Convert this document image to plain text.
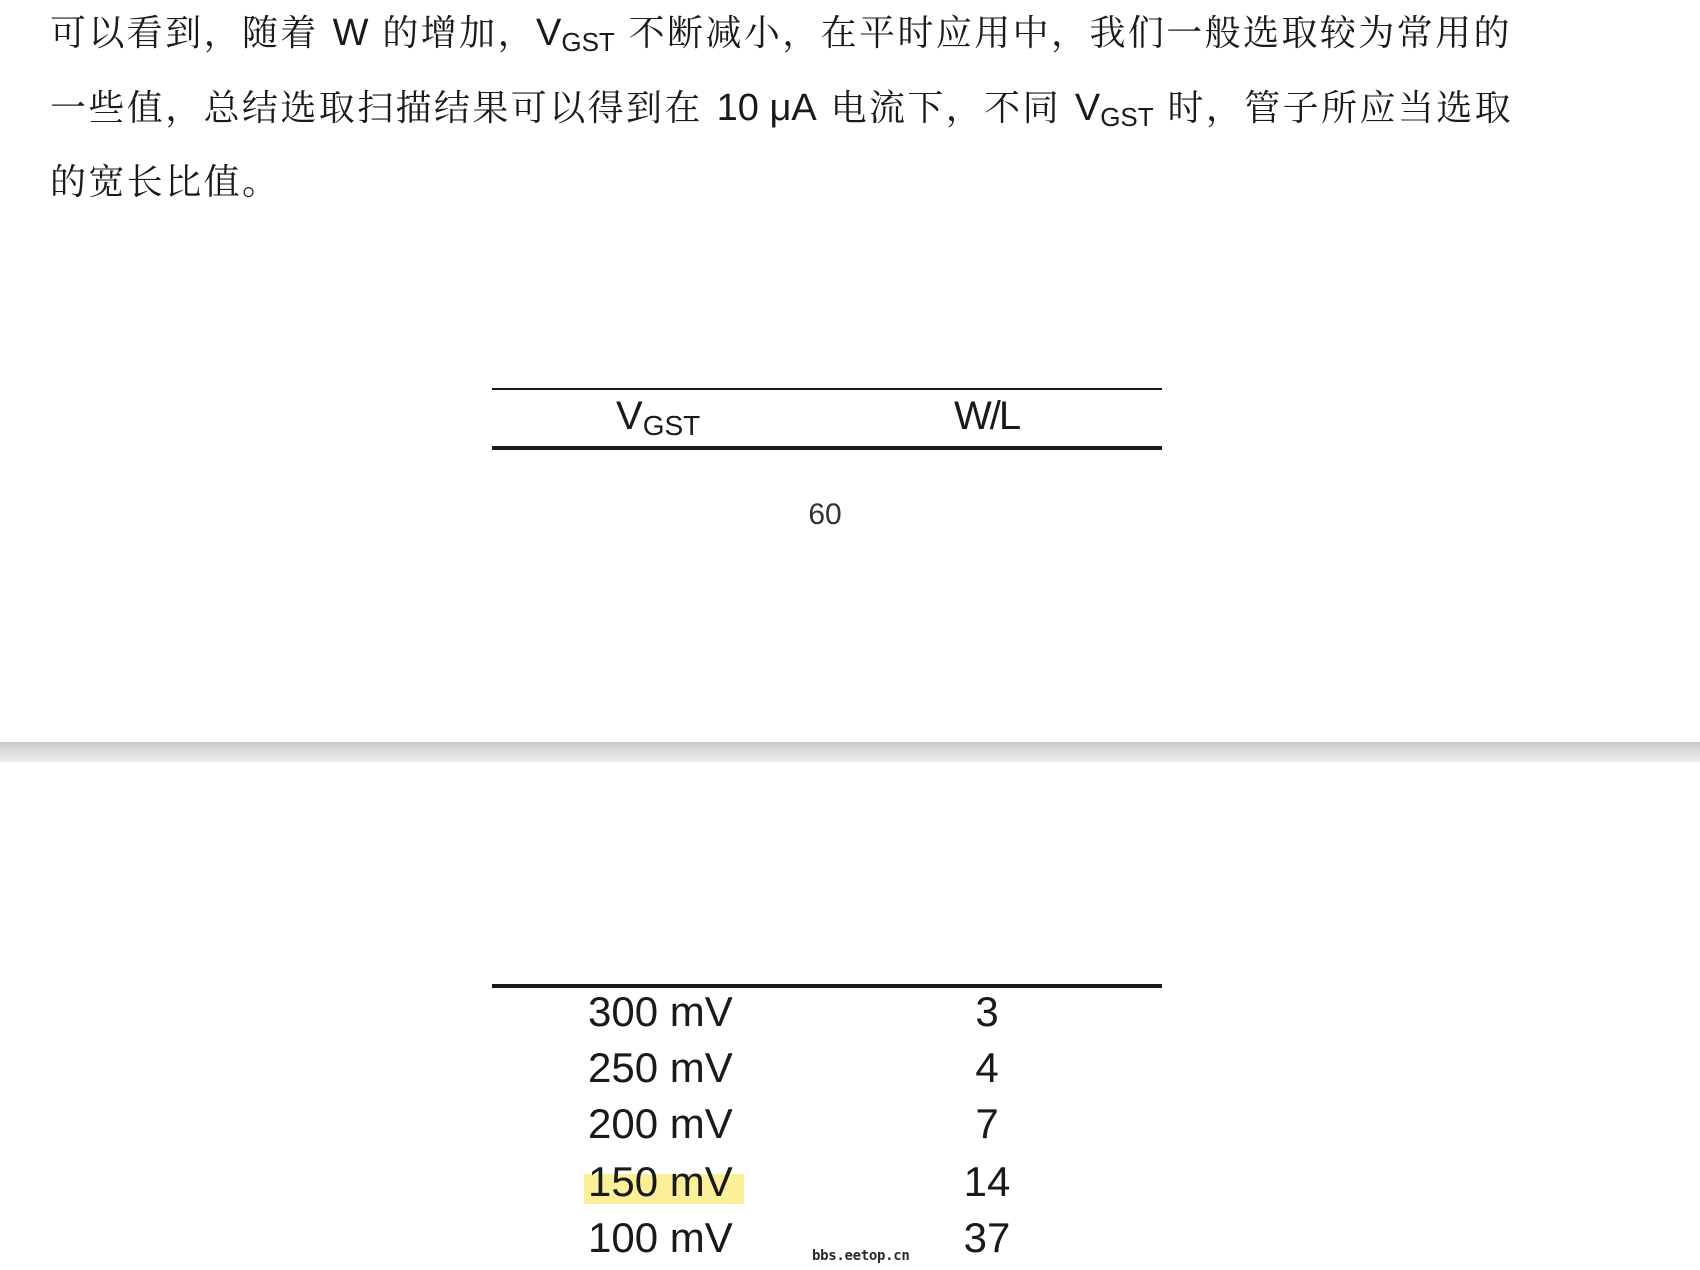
可以看到，随着 W 的增加，$V_{GST}$ 不断减小，在平时应用中，我们一般选取较为常用的
一些值，总结选取扫描结果可以得到在 10 μA 电流下，不同 $V_{GST}$ 时，管子所应当选取
的宽长比值。

$V_{GST}$	W/L
60
300 mV	3
250 mV	4
200 mV	7
150 mV	14
100 mV	37
bbs.eetop.cn
